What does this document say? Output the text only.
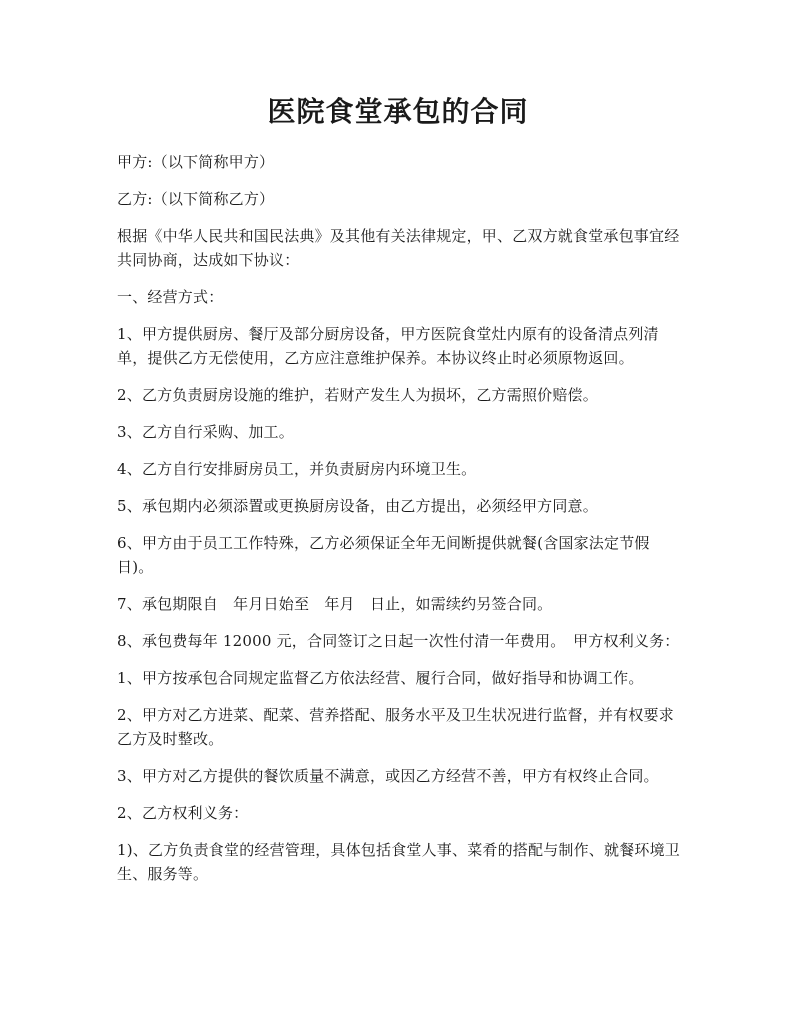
医院食堂承包的合同

甲方:（以下简称甲方）

乙方:（以下简称乙方）

根据《中华人民共和国民法典》及其他有关法律规定，甲、乙双方就食堂承包事宜经共同协商，达成如下协议：

一、经营方式：

1、甲方提供厨房、餐厅及部分厨房设备，甲方医院食堂灶内原有的设备清点列清单，提供乙方无偿使用，乙方应注意维护保养。本协议终止时必须原物返回。

2、乙方负责厨房设施的维护，若财产发生人为损坏，乙方需照价赔偿。

3、乙方自行采购、加工。

4、乙方自行安排厨房员工，并负责厨房内环境卫生。

5、承包期内必须添置或更换厨房设备，由乙方提出，必须经甲方同意。

6、甲方由于员工工作特殊，乙方必须保证全年无间断提供就餐(含国家法定节假日)。

7、承包期限自　年月日始至　年月　日止，如需续约另签合同。

8、承包费每年 12000 元，合同签订之日起一次性付清一年费用。　甲方权利义务：

1、甲方按承包合同规定监督乙方依法经营、履行合同，做好指导和协调工作。

2、甲方对乙方进菜、配菜、营养搭配、服务水平及卫生状况进行监督，并有权要求乙方及时整改。

3、甲方对乙方提供的餐饮质量不满意，或因乙方经营不善，甲方有权终止合同。

2、乙方权利义务：

1)、乙方负责食堂的经营管理，具体包括食堂人事、菜肴的搭配与制作、就餐环境卫生、服务等。
